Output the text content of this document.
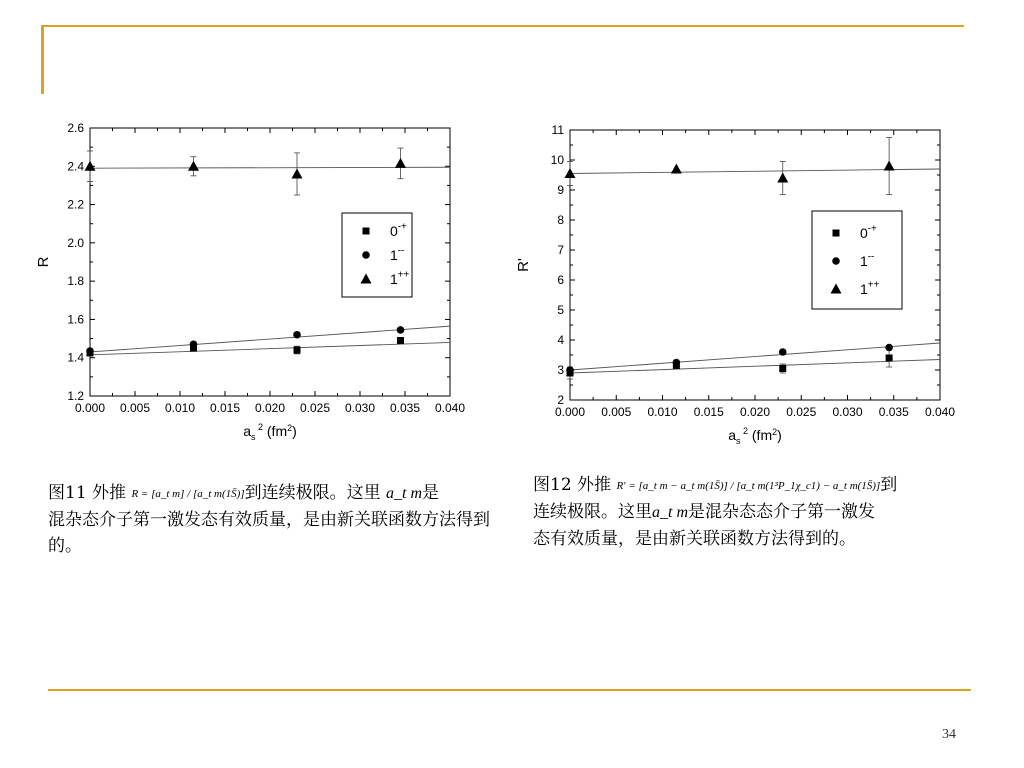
0.000 0.005 0.010 0.015 0.020 0.025 0.030 0.035 0.040
1.2
1.4
1.6
1.8
2.0
2.2
2.4
2.6
$a_s$ $^2$ $(fm^2)$
R
0-+
1--
1++
0.000 0.005 0.010 0.015 0.020 0.025 0.030 0.035 0.040
2
3
4
5
6
7
8
9
10
11
$a_s$ $^2$ $(fm^2)$
R'
0-+
1--
1++
图11 外推 R = [a_t m] / [a_t m(1S̄)]到连续极限。这里 a_t m是
混杂态介子第一激发态有效质量，是由新关联函数方法得到的。
图12 外推 R′ = [a_t m − a_t m(1S̄)] / [a_t m(1³P_1χ_c1) − a_t m(1S̄)]到
连续极限。这里a_t m是混杂态态介子第一激发
态有效质量，是由新关联函数方法得到的。
34
